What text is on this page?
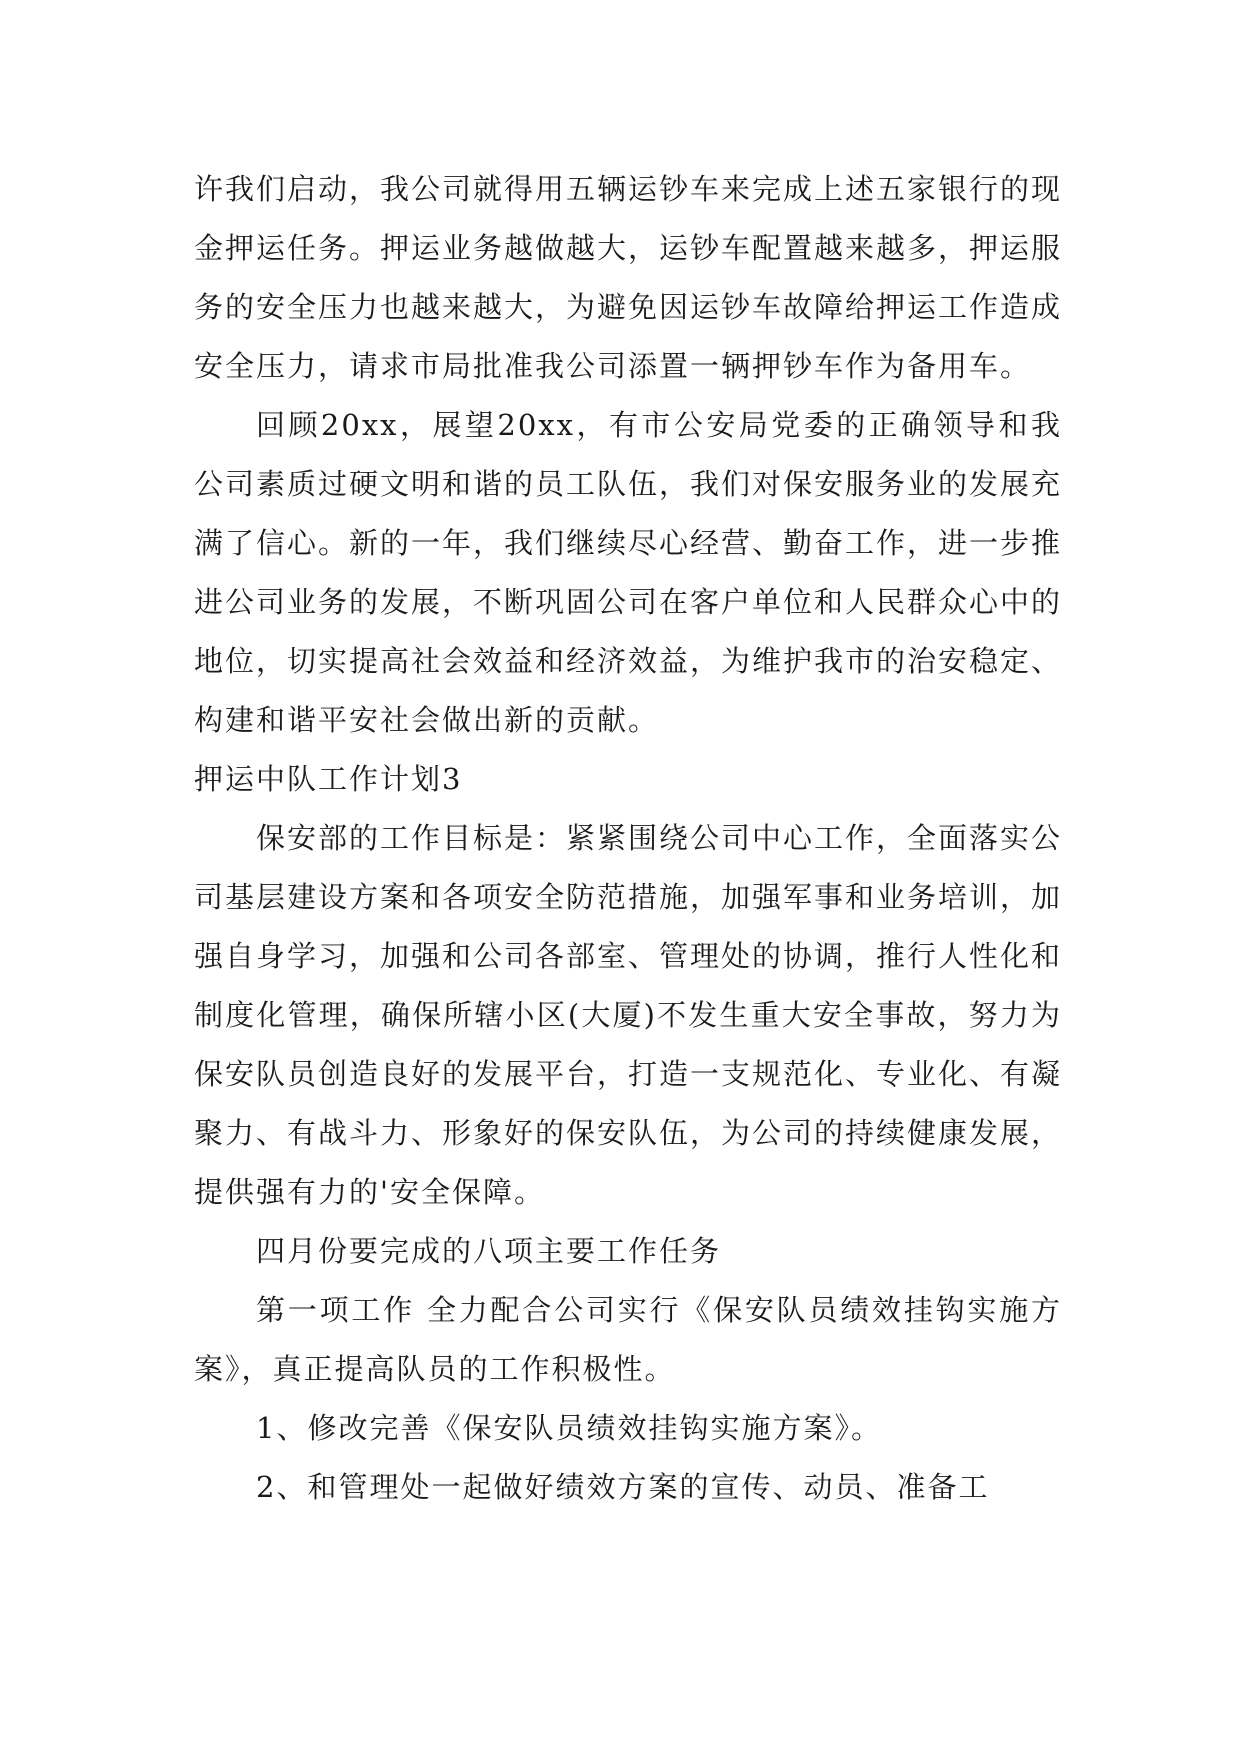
许我们启动，我公司就得用五辆运钞车来完成上述五家银行的现金押运任务。押运业务越做越大，运钞车配置越来越多，押运服务的安全压力也越来越大，为避免因运钞车故障给押运工作造成安全压力，请求市局批准我公司添置一辆押钞车作为备用车。

回顾20xx，展望20xx，有市公安局党委的正确领导和我公司素质过硬文明和谐的员工队伍，我们对保安服务业的发展充满了信心。新的一年，我们继续尽心经营、勤奋工作，进一步推进公司业务的发展，不断巩固公司在客户单位和人民群众心中的地位，切实提高社会效益和经济效益，为维护我市的治安稳定、构建和谐平安社会做出新的贡献。

押运中队工作计划3

保安部的工作目标是：紧紧围绕公司中心工作，全面落实公司基层建设方案和各项安全防范措施，加强军事和业务培训，加强自身学习，加强和公司各部室、管理处的协调，推行人性化和制度化管理，确保所辖小区(大厦)不发生重大安全事故，努力为保安队员创造良好的发展平台，打造一支规范化、专业化、有凝聚力、有战斗力、形象好的保安队伍，为公司的持续健康发展，提供强有力的'安全保障。

四月份要完成的八项主要工作任务

第一项工作 全力配合公司实行《保安队员绩效挂钩实施方案》，真正提高队员的工作积极性。

1、修改完善《保安队员绩效挂钩实施方案》。

2、和管理处一起做好绩效方案的宣传、动员、准备工
